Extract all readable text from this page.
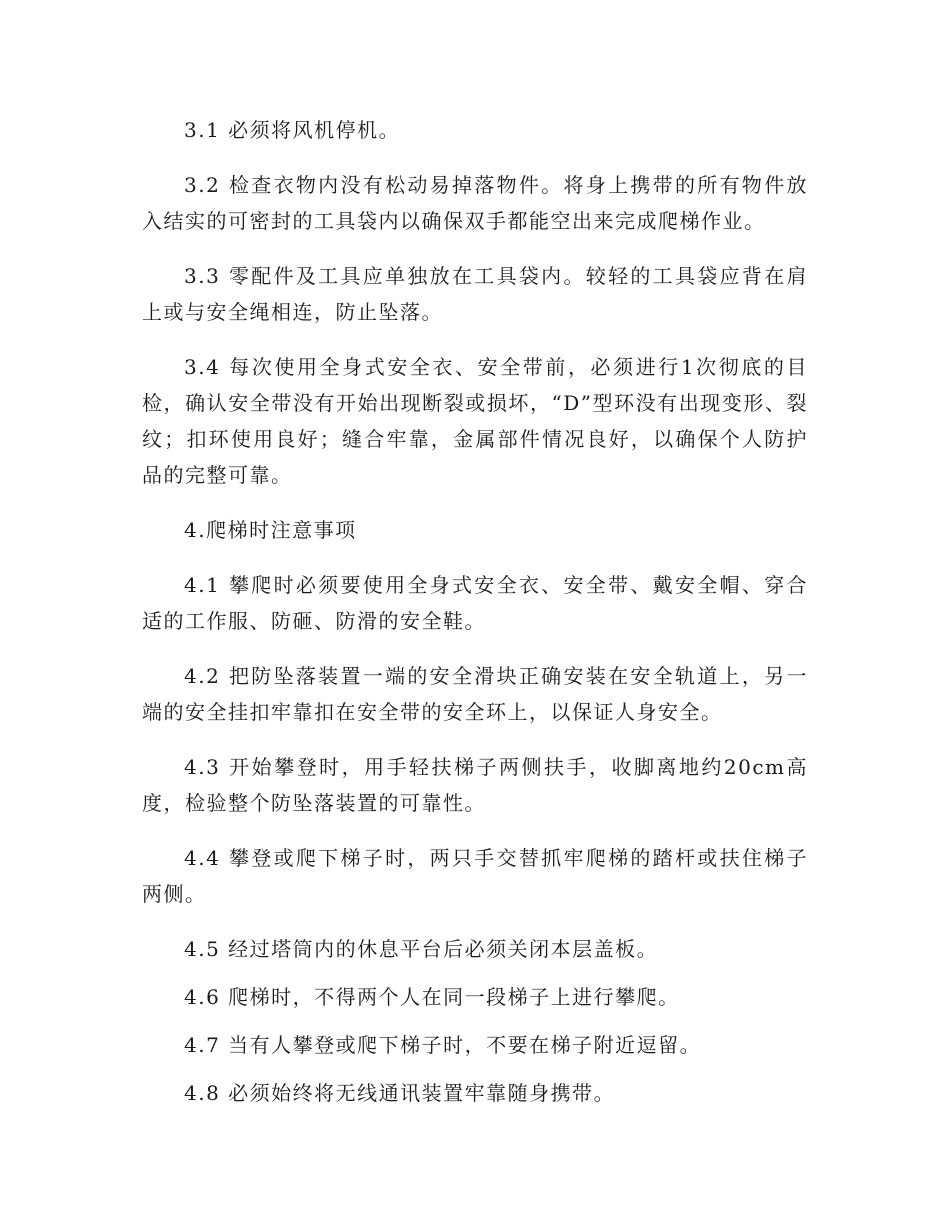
3.1 必须将风机停机。

3.2 检查衣物内没有松动易掉落物件。将身上携带的所有物件放入结实的可密封的工具袋内以确保双手都能空出来完成爬梯作业。

3.3 零配件及工具应单独放在工具袋内。较轻的工具袋应背在肩上或与安全绳相连，防止坠落。

3.4 每次使用全身式安全衣、安全带前，必须进行1次彻底的目检，确认安全带没有开始出现断裂或损坏，“D”型环没有出现变形、裂纹；扣环使用良好；缝合牢靠，金属部件情况良好，以确保个人防护品的完整可靠。

4.爬梯时注意事项

4.1 攀爬时必须要使用全身式安全衣、安全带、戴安全帽、穿合适的工作服、防砸、防滑的安全鞋。

4.2 把防坠落装置一端的安全滑块正确安装在安全轨道上，另一端的安全挂扣牢靠扣在安全带的安全环上，以保证人身安全。

4.3 开始攀登时，用手轻扶梯子两侧扶手，收脚离地约20cm高度，检验整个防坠落装置的可靠性。

4.4 攀登或爬下梯子时，两只手交替抓牢爬梯的踏杆或扶住梯子两侧。

4.5 经过塔筒内的休息平台后必须关闭本层盖板。

4.6 爬梯时，不得两个人在同一段梯子上进行攀爬。

4.7 当有人攀登或爬下梯子时，不要在梯子附近逗留。

4.8 必须始终将无线通讯装置牢靠随身携带。
